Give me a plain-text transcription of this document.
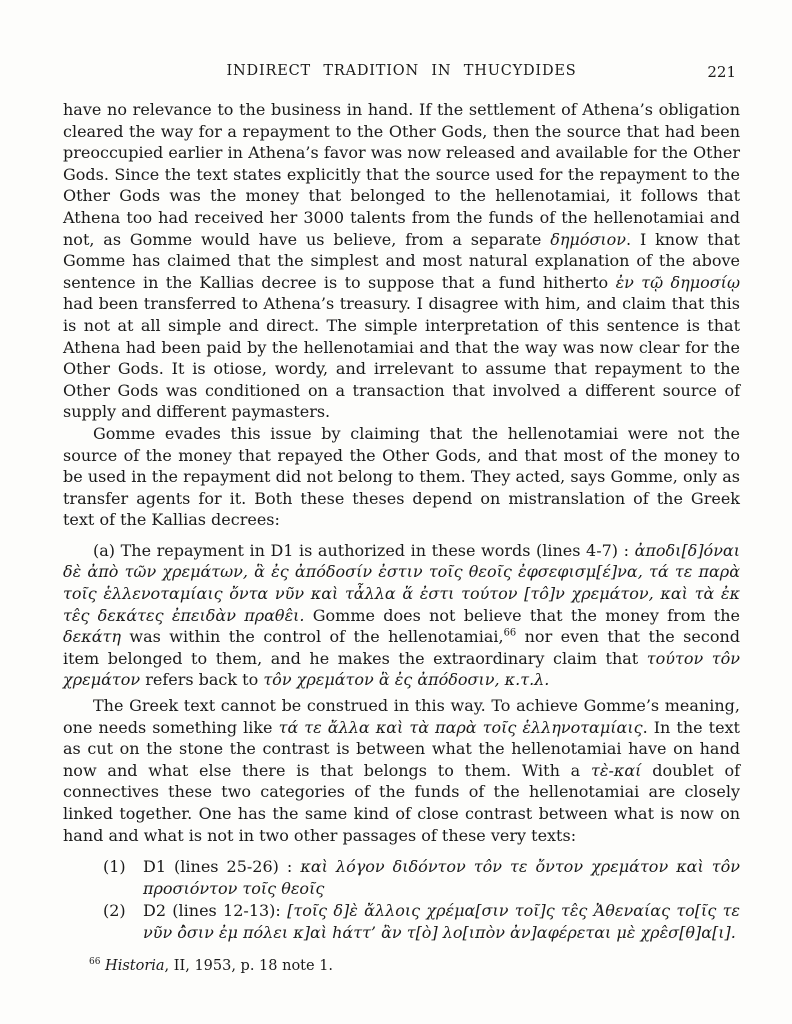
INDIRECT TRADITION IN THUCYDIDES	221

have no relevance to the business in hand. If the settlement of Athena’s obligation cleared the way for a repayment to the Other Gods, then the source that had been preoccupied earlier in Athena’s favor was now released and available for the Other Gods. Since the text states explicitly that the source used for the repayment to the Other Gods was the money that belonged to the hellenotamiai, it follows that Athena too had received her 3000 talents from the funds of the hellenotamiai and not, as Gomme would have us believe, from a separate δημόσιον. I know that Gomme has claimed that the simplest and most natural explanation of the above sentence in the Kallias decree is to suppose that a fund hitherto ἐν τῷ δημοσίῳ had been transferred to Athena’s treasury. I disagree with him, and claim that this is not at all simple and direct. The simple interpretation of this sentence is that Athena had been paid by the hellenotamiai and that the way was now clear for the Other Gods. It is otiose, wordy, and irrelevant to assume that repayment to the Other Gods was conditioned on a transaction that involved a different source of supply and different paymasters.

Gomme evades this issue by claiming that the hellenotamiai were not the source of the money that repayed the Other Gods, and that most of the money to be used in the repayment did not belong to them. They acted, says Gomme, only as transfer agents for it. Both these theses depend on mistranslation of the Greek text of the Kallias decrees:

(a) The repayment in D1 is authorized in these words (lines 4-7) : ἀποδι[δ]όναι δὲ ἀπὸ τῶν χρεμάτων, ἃ ἐς ἀπόδοσίν ἐστιν τοῖς θεοῖς ἐφσεφισμ[έ]να, τά τε παρὰ τοῖς ἑλλενοταμίαις ὄντα νῦν καὶ τἆλλα ἅ ἐστι τούτον [τô]ν χρεμάτον, καὶ τὰ ἐκ τε̂ς δεκάτες ἐπειδὰν πραθε̂ι. Gomme does not believe that the money from the δεκάτη was within the control of the hellenotamiai,$^{66}$ nor even that the second item belonged to them, and he makes the extraordinary claim that τούτον τôν χρεμάτον refers back to τôν χρεμάτον ἃ ἐς ἀπόδοσιν, κ.τ.λ.

The Greek text cannot be construed in this way. To achieve Gomme’s meaning, one needs something like τά τε ἄλλα καὶ τὰ παρὰ τοῖς ἑλληνοταμίαις. In the text as cut on the stone the contrast is between what the hellenotamiai have on hand now and what else there is that belongs to them. With a τὲ-καί doublet of connectives these two categories of the funds of the hellenotamiai are closely linked together. One has the same kind of close contrast between what is now on hand and what is not in two other passages of these very texts:

(1)	D1 (lines 25-26) : καὶ λόγον διδόντον τôν τε ὄντον χρεμάτον καὶ τôν προσιόντον τοῖς θεοῖς
(2)	D2 (lines 12-13): [τοῖς δ]ὲ ἄλλοις χρέμα[σιν τοῖ]ς τε̂ς Ἀθεναίας το[ῖς τε νῦν ὀ̂σιν ἐμ πόλει κ]αὶ hάττ’ ἂν τ[ὸ] λο[ιπὸν ἀν]αφέρεται μὲ χρε̂σ[θ]α[ι].
$^{66}$ Historia, II, 1953, p. 18 note 1.
